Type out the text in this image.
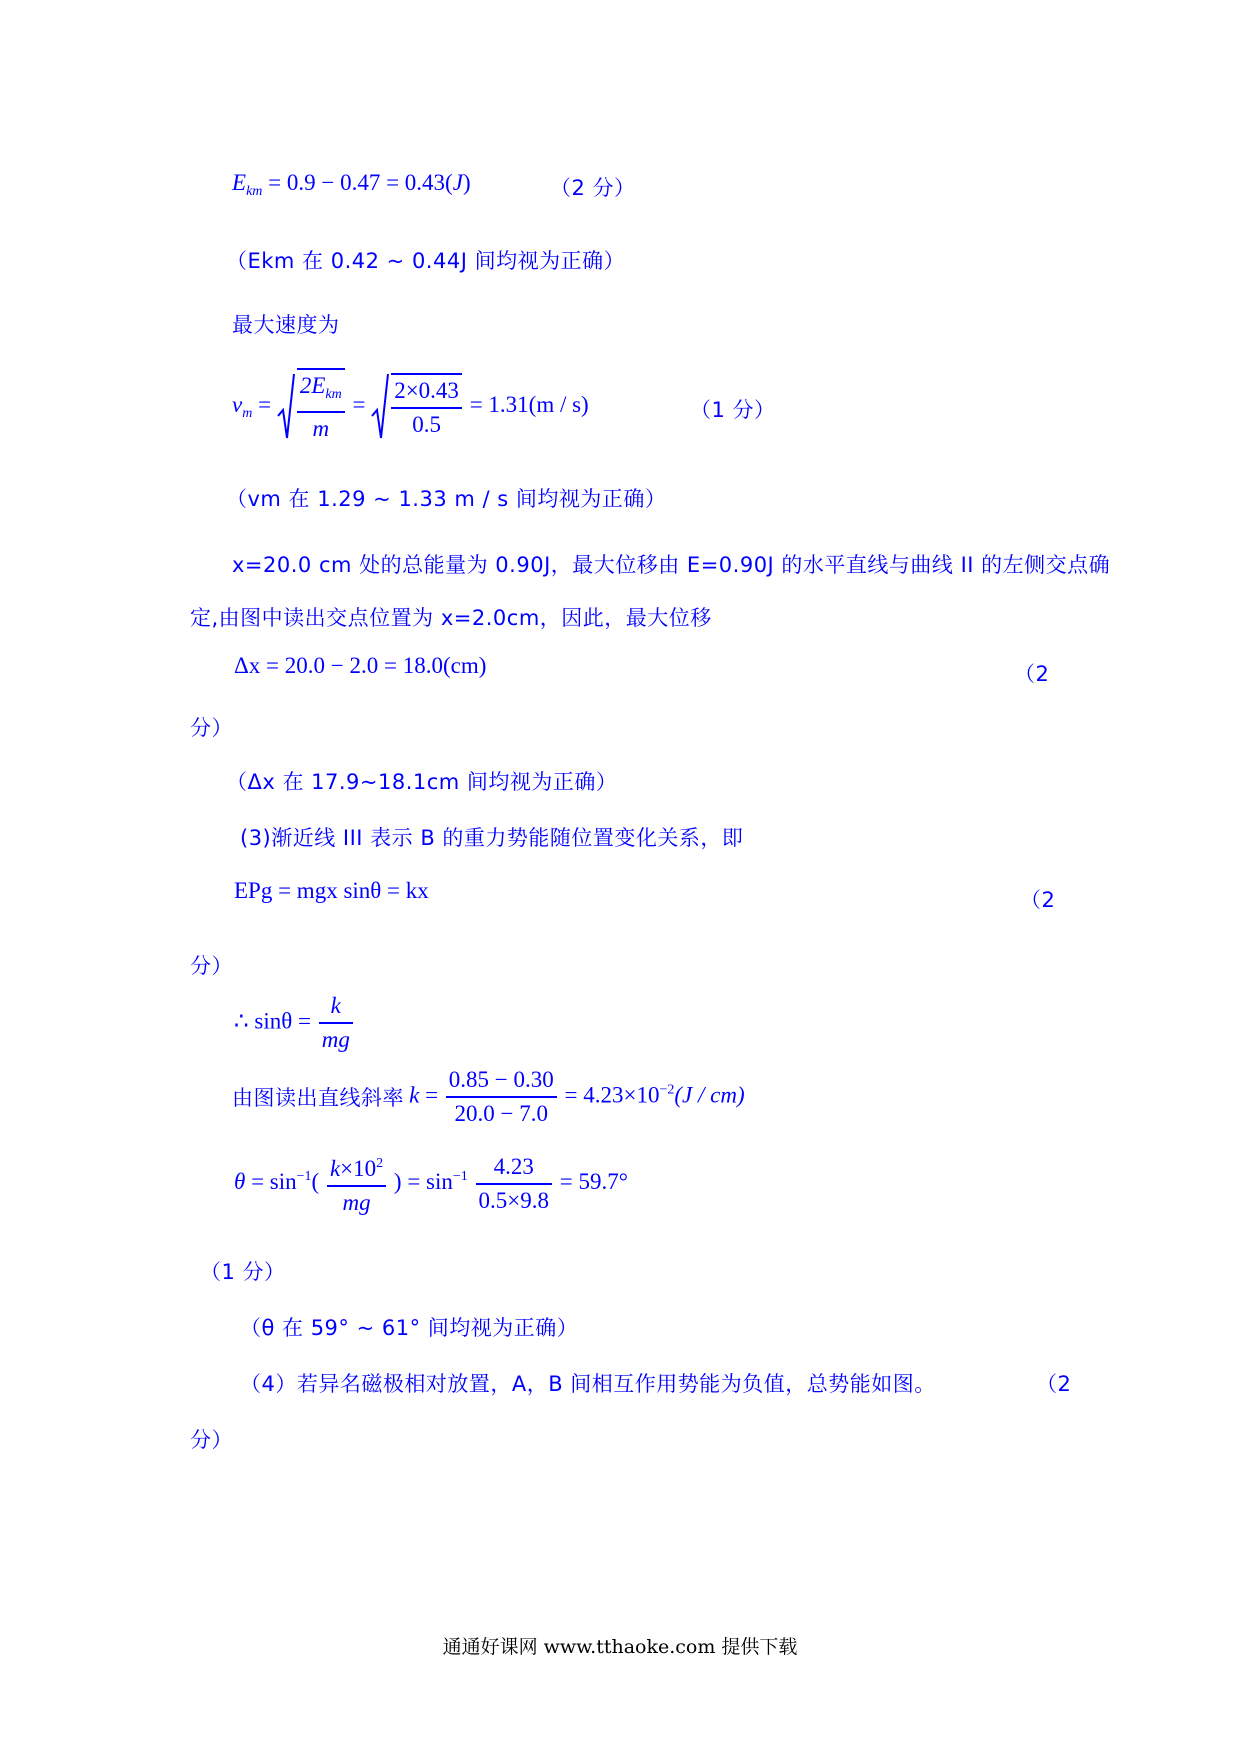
$E_{km} = 0.9 - 0.47 = 0.43(J)$	（2 分）
（Ekm 在 0.42 ~ 0.44J 间均视为正确）
最大速度为
$v_m = \frac{2E_{km}}{m} = \frac{2\times 0.43}{0.5} = 1.31(m / s)$	（1 分）
（vm 在 1.29 ~ 1.33 m / s 间均视为正确）
x=20.0 cm 处的总能量为 0.90J，最大位移由 E=0.90J 的水平直线与曲线 II 的左侧交点确
定,由图中读出交点位置为 x=2.0cm，因此，最大位移
Δx = 20.0 − 2.0 = 18.0(cm)	（2
分）
（Δx 在 17.9~18.1cm 间均视为正确）
(3)渐近线 III 表示 B 的重力势能随位置变化关系，即
EPg = mgx sinθ = kx	（2
分）
∴ $\sin\theta = \frac{k}{mg}$
由图读出直线斜率 $k = \frac{0.85 - 0.30}{20.0 - 7.0} = 4.23\times 10^{-2}(J / cm)$
$\theta = \sin^{-1}( \frac{k\times 10^2}{mg}$ ) = $\sin^{-1} \frac{4.23}{0.5\times 9.8} = 59.7^\circ$
（1 分）
（θ 在 59° ~ 61° 间均视为正确）
（4）若异名磁极相对放置，A，B 间相互作用势能为负值，总势能如图。	（2
分）
通通好课网 www.tthaoke.com 提供下载
